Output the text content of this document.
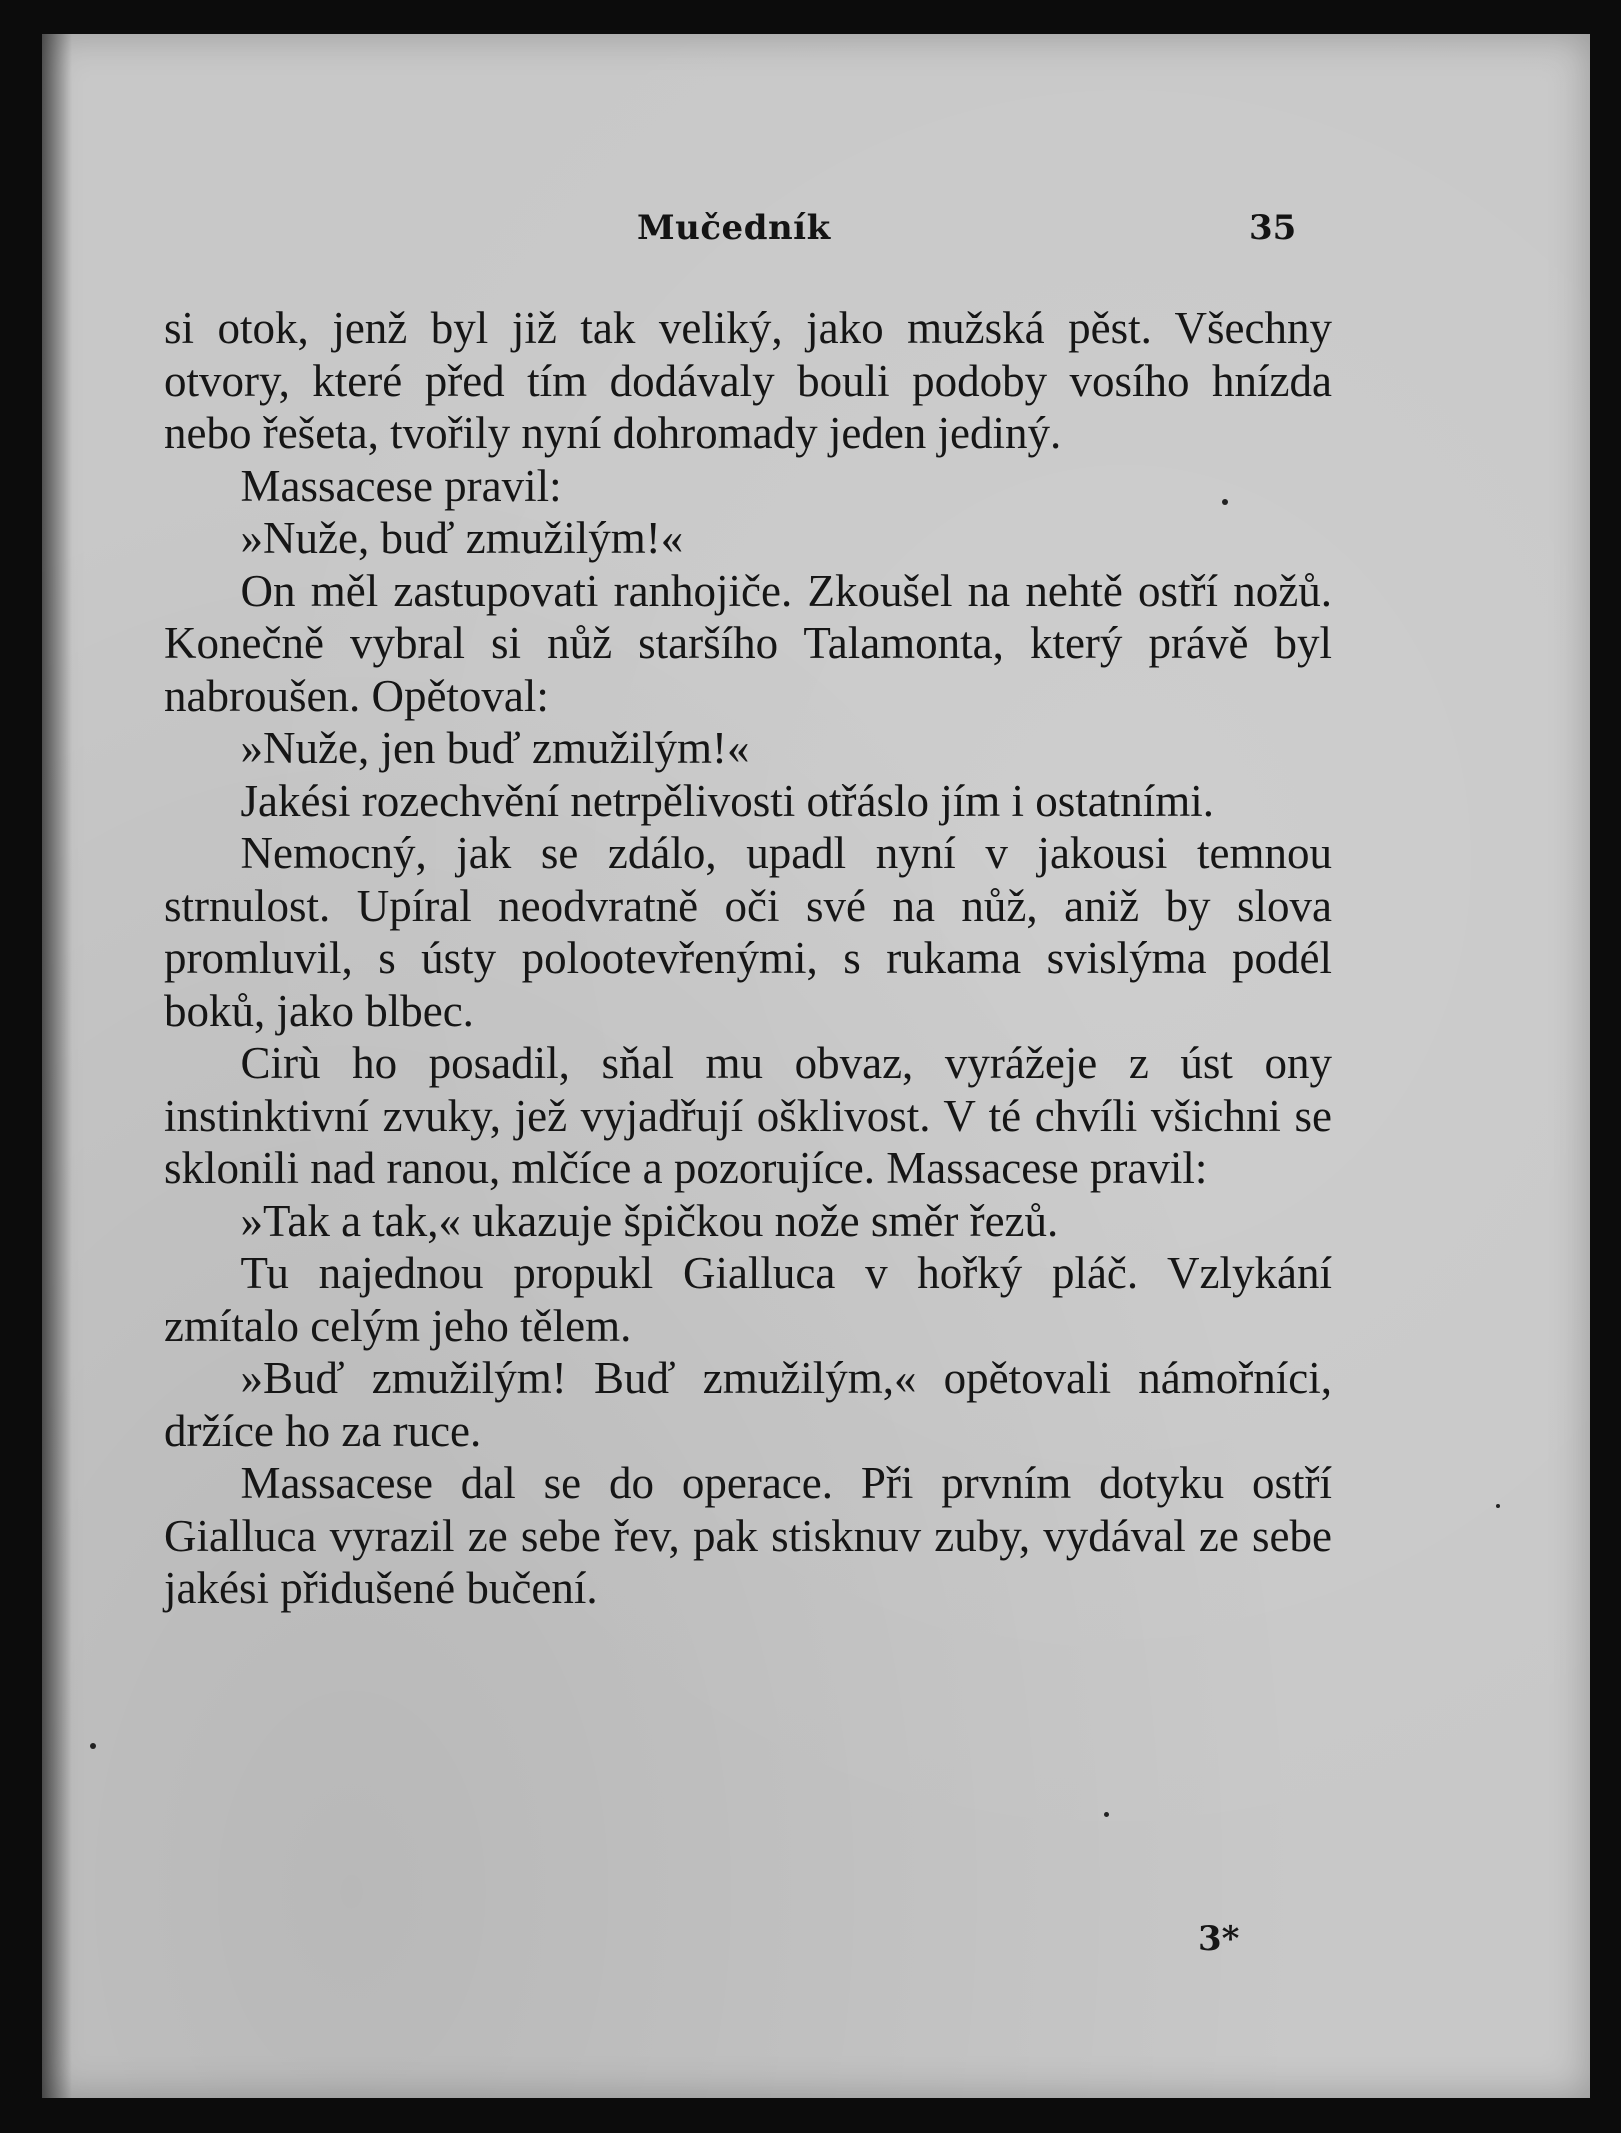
Mučedník	35

si otok, jenž byl již tak veliký, jako mužská pěst. Všechny otvory, které před tím dodávaly bouli podoby vosího hnízda nebo řešeta, tvořily nyní dohromady jeden jediný.

Massacese pravil:

»Nuže, buď zmužilým!«

On měl zastupovati ranhojiče. Zkoušel na nehtě ostří nožů. Konečně vybral si nůž staršího Talamonta, který právě byl nabroušen. Opětoval:

»Nuže, jen buď zmužilým!«

Jakési rozechvění netrpělivosti otřáslo jím i ostatními.

Nemocný, jak se zdálo, upadl nyní v jakousi temnou strnulost. Upíral neodvratně oči své na nůž, aniž by slova promluvil, s ústy polootevřenými, s rukama svislýma podél boků, jako blbec.

Cirù ho posadil, sňal mu obvaz, vyrážeje z úst ony instinktivní zvuky, jež vyjadřují ošklivost. V té chvíli všichni se sklonili nad ranou, mlčíce a pozorujíce. Massacese pravil:

»Tak a tak,« ukazuje špičkou nože směr řezů.

Tu najednou propukl Gialluca v hořký pláč. Vzlykání zmítalo celým jeho tělem.

»Buď zmužilým! Buď zmužilým,« opětovali námořníci, držíce ho za ruce.

Massacese dal se do operace. Při prvním dotyku ostří Gialluca vyrazil ze sebe řev, pak stisknuv zuby, vydával ze sebe jakési přidušené bučení.

3*
